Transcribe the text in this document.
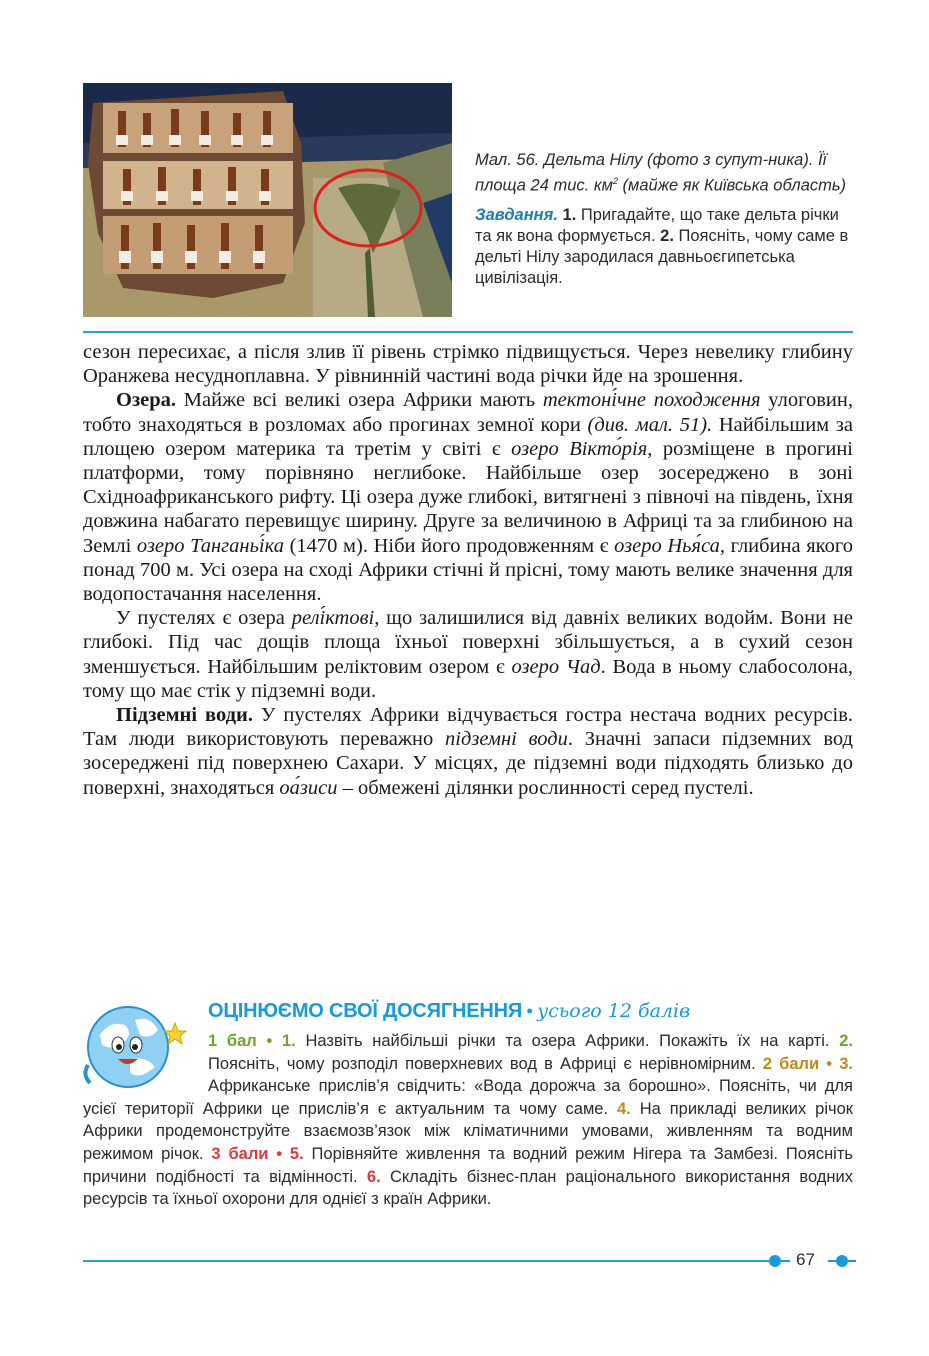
Мал. 56. Дельта Нілу (фото з супут-ника). Її площа 24 тис. $км^2$ (майже як Київська область)
Завдання. 1. Пригадайте, що таке дельта річки та як вона формується. 2. Поясніть, чому саме в дельті Нілу зародилася давньоєгипетська цивілізація.

сезон пересихає, а після злив її рівень стрімко підвищується. Через невелику глибину Оранжева несудноплавна. У рівнинній частині вода річки йде на зрошення.

Озера. Майже всі великі озера Африки мають тектоні́чне походження улоговин, тобто знаходяться в розломах або прогинах земної кори (див. мал. 51). Найбільшим за площею озером материка та третім у світі є озеро Вікто́рія, розміщене в прогині платформи, тому порівняно неглибоке. Найбільше озер зосереджено в зоні Східноафриканського рифту. Ці озера дуже глибокі, витягнені з півночі на південь, їхня довжина набагато перевищує ширину. Друге за величиною в Африці та за глибиною на Землі озеро Танганьі́ка (1470 м). Ніби його продовженням є озеро Нья́са, глибина якого понад 700 м. Усі озера на сході Африки стічні й прісні, тому мають велике значення для водопостачання населення.

У пустелях є озера релі́ктові, що залишилися від давніх великих водойм. Вони не глибокі. Під час дощів площа їхньої поверхні збільшується, а в сухий сезон зменшується. Найбільшим реліктовим озером є озеро Чад. Вода в ньому слабосолона, тому що має стік у підземні води.

Підземні води. У пустелях Африки відчувається гостра нестача водних ресурсів. Там люди використовують переважно підземні води. Значні запаси підземних вод зосереджені під поверхнею Сахари. У місцях, де підземні води підходять близько до поверхні, знаходяться оа́зиси – обмежені ділянки рослинності серед пустелі.

ОЦІНЮЄМО СВОЇ ДОСЯГНЕННЯ • усього 12 балів
1 бал • 1. Назвіть найбільші річки та озера Африки. Покажіть їх на карті. 2. Поясніть, чому розподіл поверхневих вод в Африці є нерівномірним. 2 бали • 3. Африканське прислів’я свідчить: «Вода дорожча за борошно». Поясніть, чи для усієї території Африки це прислів’я є актуальним та чому саме. 4. На прикладі великих річок Африки продемонструйте взаємозв’язок між кліматичними умовами, живленням та водним режимом річок. 3 бали • 5. Порівняйте живлення та водний режим Нігера та Замбезі. Поясніть причини подібності та відмінності. 6. Складіть бізнес-план раціонального використання водних ресурсів та їхньої охорони для однієї з країн Африки.
67
